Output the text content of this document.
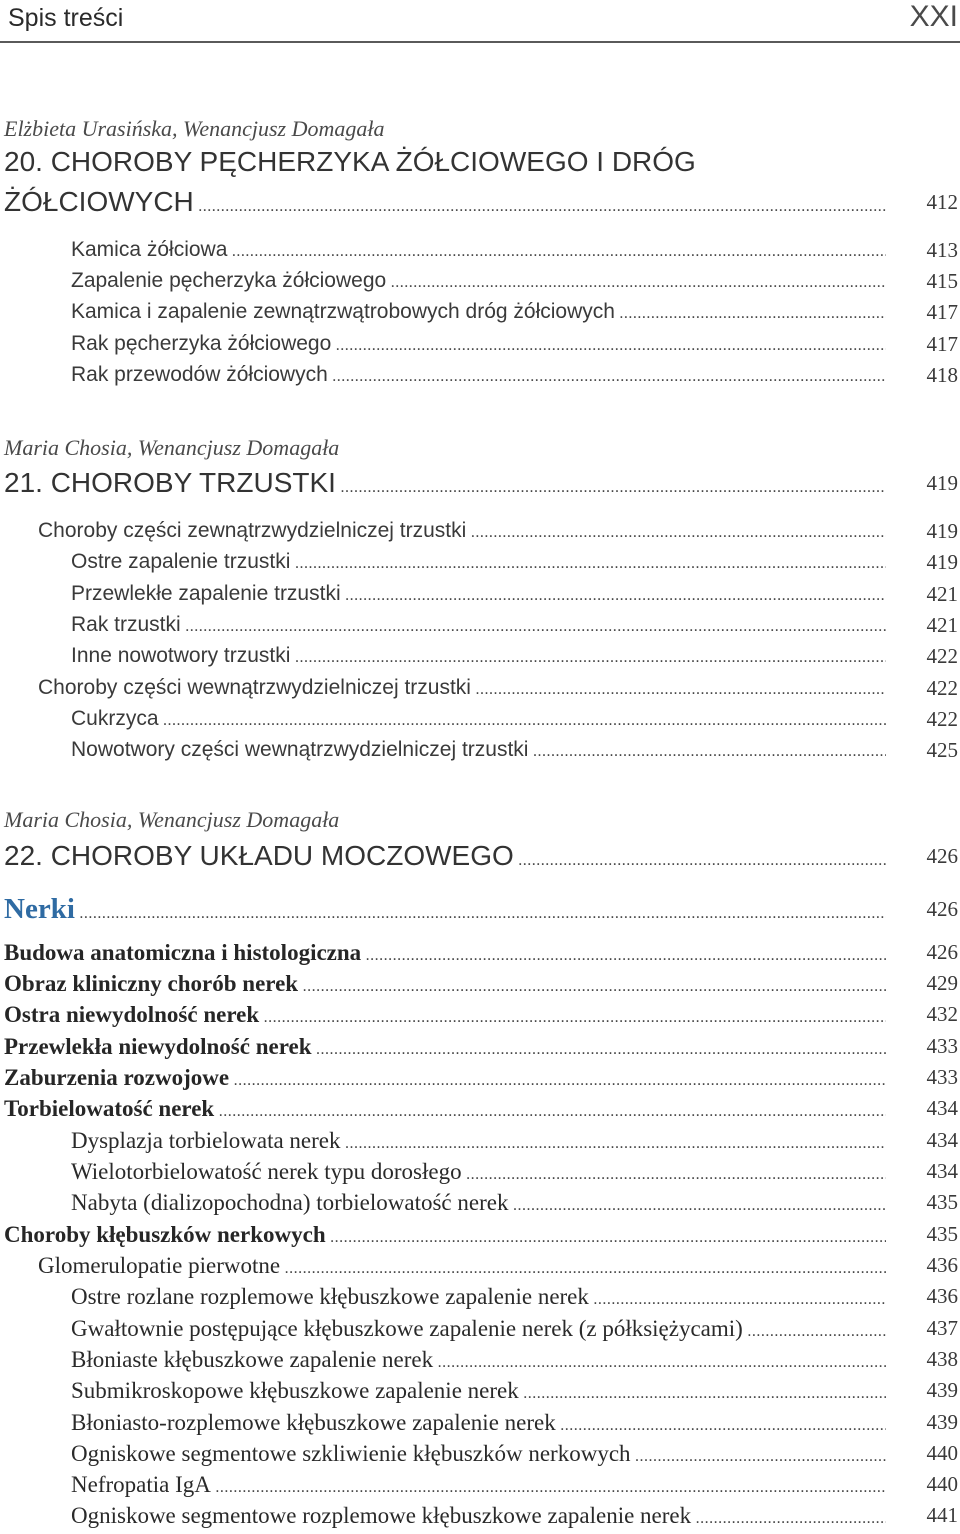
Spis treści	XXI
Elżbieta Urasińska, Wenancjusz Domagała
20. CHOROBY PĘCHERZYKA ŻÓŁCIOWEGO I DRÓG
ŻÓŁCIOWYCH .....	412
Kamica żółciowa .....	413
Zapalenie pęcherzyka żółciowego .....	415
Kamica i zapalenie zewnątrzwątrobowych dróg żółciowych .....	417
Rak pęcherzyka żółciowego .....	417
Rak przewodów żółciowych .....	418
Maria Chosia, Wenancjusz Domagała
21. CHOROBY TRZUSTKI .....	419
Choroby części zewnątrzwydzielniczej trzustki .....	419
Ostre zapalenie trzustki .....	419
Przewlekłe zapalenie trzustki .....	421
Rak trzustki .....	421
Inne nowotwory trzustki .....	422
Choroby części wewnątrzwydzielniczej trzustki .....	422
Cukrzyca .....	422
Nowotwory części wewnątrzwydzielniczej trzustki .....	425
Maria Chosia, Wenancjusz Domagała
22. CHOROBY UKŁADU MOCZOWEGO .....	426
Nerki .....	426
Budowa anatomiczna i histologiczna .....	426
Obraz kliniczny chorób nerek .....	429
Ostra niewydolność nerek .....	432
Przewlekła niewydolność nerek .....	433
Zaburzenia rozwojowe .....	433
Torbielowatość nerek .....	434
Dysplazja torbielowata nerek .....	434
Wielotorbielowatość nerek typu dorosłego .....	434
Nabyta (dializopochodna) torbielowatość nerek .....	435
Choroby kłębuszków nerkowych .....	435
Glomerulopatie pierwotne .....	436
Ostre rozlane rozplemowe kłębuszkowe zapalenie nerek .....	436
Gwałtownie postępujące kłębuszkowe zapalenie nerek (z półksiężycami) .....	437
Błoniaste kłębuszkowe zapalenie nerek .....	438
Submikroskopowe kłębuszkowe zapalenie nerek .....	439
Błoniasto-rozplemowe kłębuszkowe zapalenie nerek .....	439
Ogniskowe segmentowe szkliwienie kłębuszków nerkowych .....	440
Nefropatia IgA .....	440
Ogniskowe segmentowe rozplemowe kłębuszkowe zapalenie nerek .....	441
